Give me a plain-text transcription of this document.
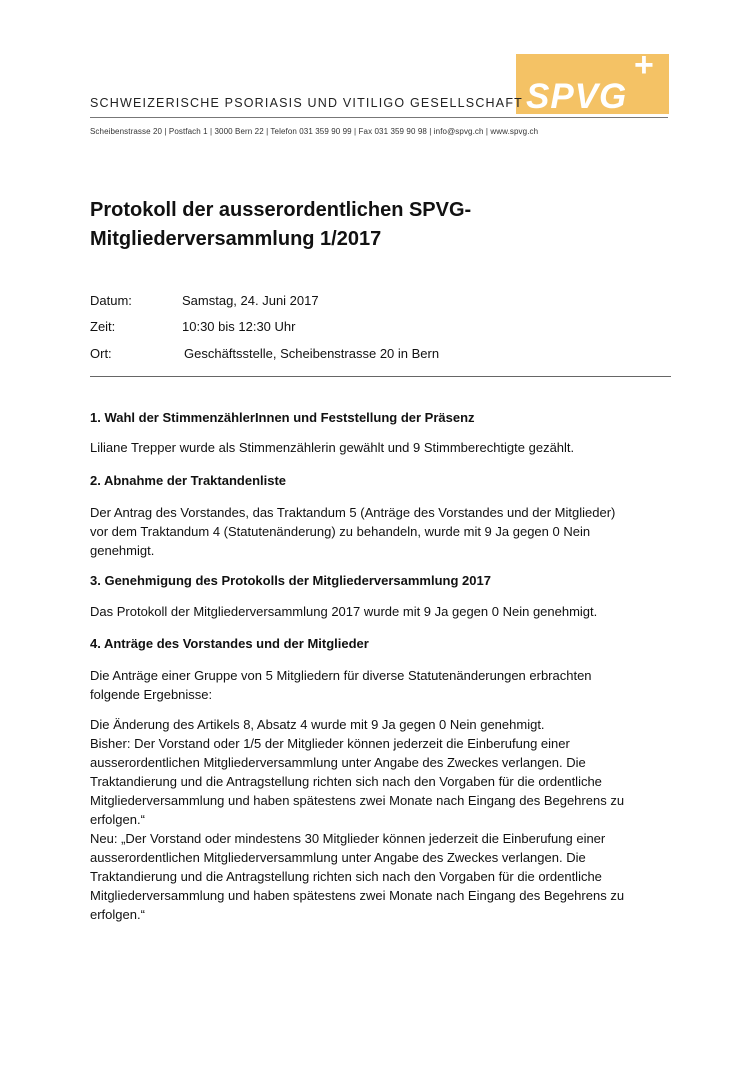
SPVG
+
SCHWEIZERISCHE PSORIASIS UND VITILIGO GESELLSCHAFT
Scheibenstrasse 20 | Postfach 1 | 3000 Bern 22 | Telefon 031 359 90 99 | Fax 031 359 90 98 | info@spvg.ch | www.spvg.ch
Protokoll der ausserordentlichen SPVG-
Mitgliederversammlung 1/2017
Datum:	Samstag, 24. Juni 2017
Zeit:	10:30 bis 12:30 Uhr
Ort:	Geschäftsstelle, Scheibenstrasse 20 in Bern
1. Wahl der StimmenzählerInnen und Feststellung der Präsenz
Liliane Trepper wurde als Stimmenzählerin gewählt und 9 Stimmberechtigte gezählt.
2. Abnahme der Traktandenliste
Der Antrag des Vorstandes, das Traktandum 5 (Anträge des Vorstandes und der Mitglieder)
vor dem Traktandum 4 (Statutenänderung) zu behandeln, wurde mit 9 Ja gegen 0 Nein
genehmigt.
3. Genehmigung des Protokolls der Mitgliederversammlung 2017
Das Protokoll der Mitgliederversammlung 2017 wurde mit 9 Ja gegen 0 Nein genehmigt.
4. Anträge des Vorstandes und der Mitglieder
Die Anträge einer Gruppe von 5 Mitgliedern für diverse Statutenänderungen erbrachten
folgende Ergebnisse:
Die Änderung des Artikels 8, Absatz 4 wurde mit 9 Ja gegen 0 Nein genehmigt.
Bisher: Der Vorstand oder 1/5 der Mitglieder können jederzeit die Einberufung einer
ausserordentlichen Mitgliederversammlung unter Angabe des Zweckes verlangen. Die
Traktandierung und die Antragstellung richten sich nach den Vorgaben für die ordentliche
Mitgliederversammlung und haben spätestens zwei Monate nach Eingang des Begehrens zu
erfolgen.“
Neu: „Der Vorstand oder mindestens 30 Mitglieder können jederzeit die Einberufung einer
ausserordentlichen Mitgliederversammlung unter Angabe des Zweckes verlangen. Die
Traktandierung und die Antragstellung richten sich nach den Vorgaben für die ordentliche
Mitgliederversammlung und haben spätestens zwei Monate nach Eingang des Begehrens zu
erfolgen.“
